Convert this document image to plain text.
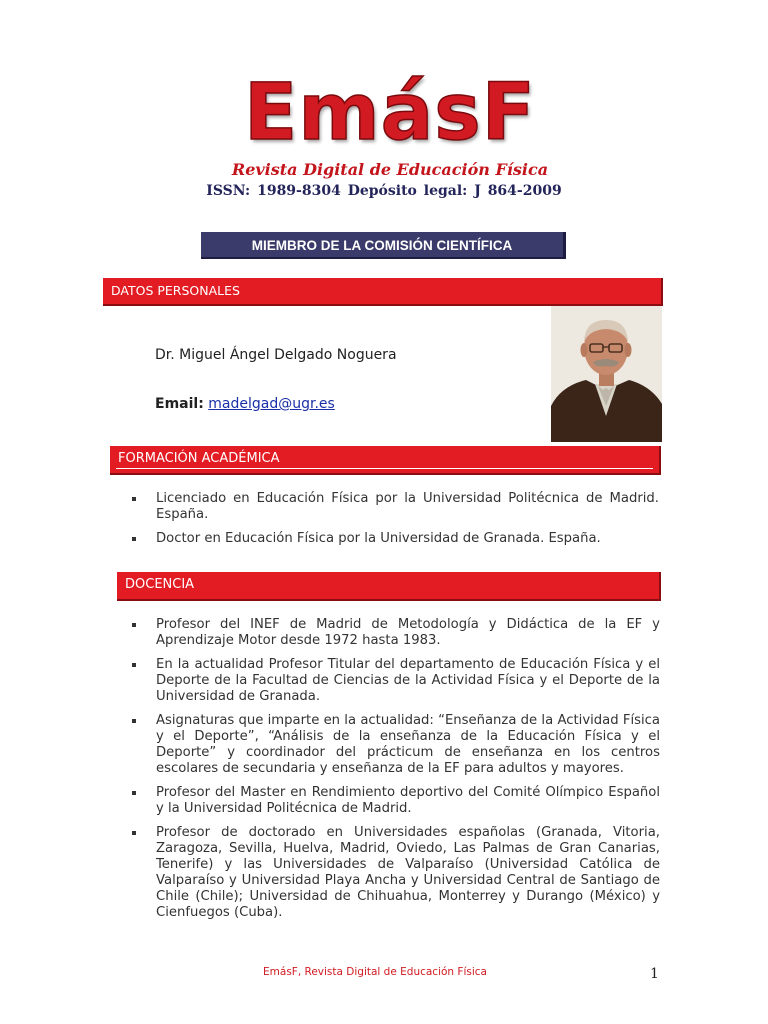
EmásF
Revista Digital de Educación Física
ISSN: 1989-8304 Depósito legal: J 864-2009
MIEMBRO DE LA COMISIÓN CIENTÍFICA
DATOS PERSONALES
Dr. Miguel Ángel Delgado Noguera
Email: madelgad@ugr.es
FORMACIÓN ACADÉMICA
Licenciado en Educación Física por la Universidad Politécnica de Madrid. España.
Doctor en Educación Física por la Universidad de Granada. España.
DOCENCIA
Profesor del INEF de Madrid de Metodología y Didáctica de la EF y Aprendizaje Motor desde 1972 hasta 1983.
En la actualidad Profesor Titular del departamento de Educación Física y el Deporte de la Facultad de Ciencias de la Actividad Física y el Deporte de la Universidad de Granada.
Asignaturas que imparte en la actualidad: “Enseñanza de la Actividad Física y el Deporte”, “Análisis de la enseñanza de la Educación Física y el Deporte” y coordinador del prácticum de enseñanza en los centros escolares de secundaria y enseñanza de la EF para adultos y mayores.
Profesor del Master en Rendimiento deportivo del Comité Olímpico Español y la Universidad Politécnica de Madrid.
Profesor de doctorado en Universidades españolas (Granada, Vitoria, Zaragoza, Sevilla, Huelva, Madrid, Oviedo, Las Palmas de Gran Canarias, Tenerife) y las Universidades de Valparaíso (Universidad Católica de Valparaíso y Universidad Playa Ancha y Universidad Central de Santiago de Chile (Chile); Universidad de Chihuahua, Monterrey y Durango (México) y Cienfuegos (Cuba).
EmásF, Revista Digital de Educación Física	1
